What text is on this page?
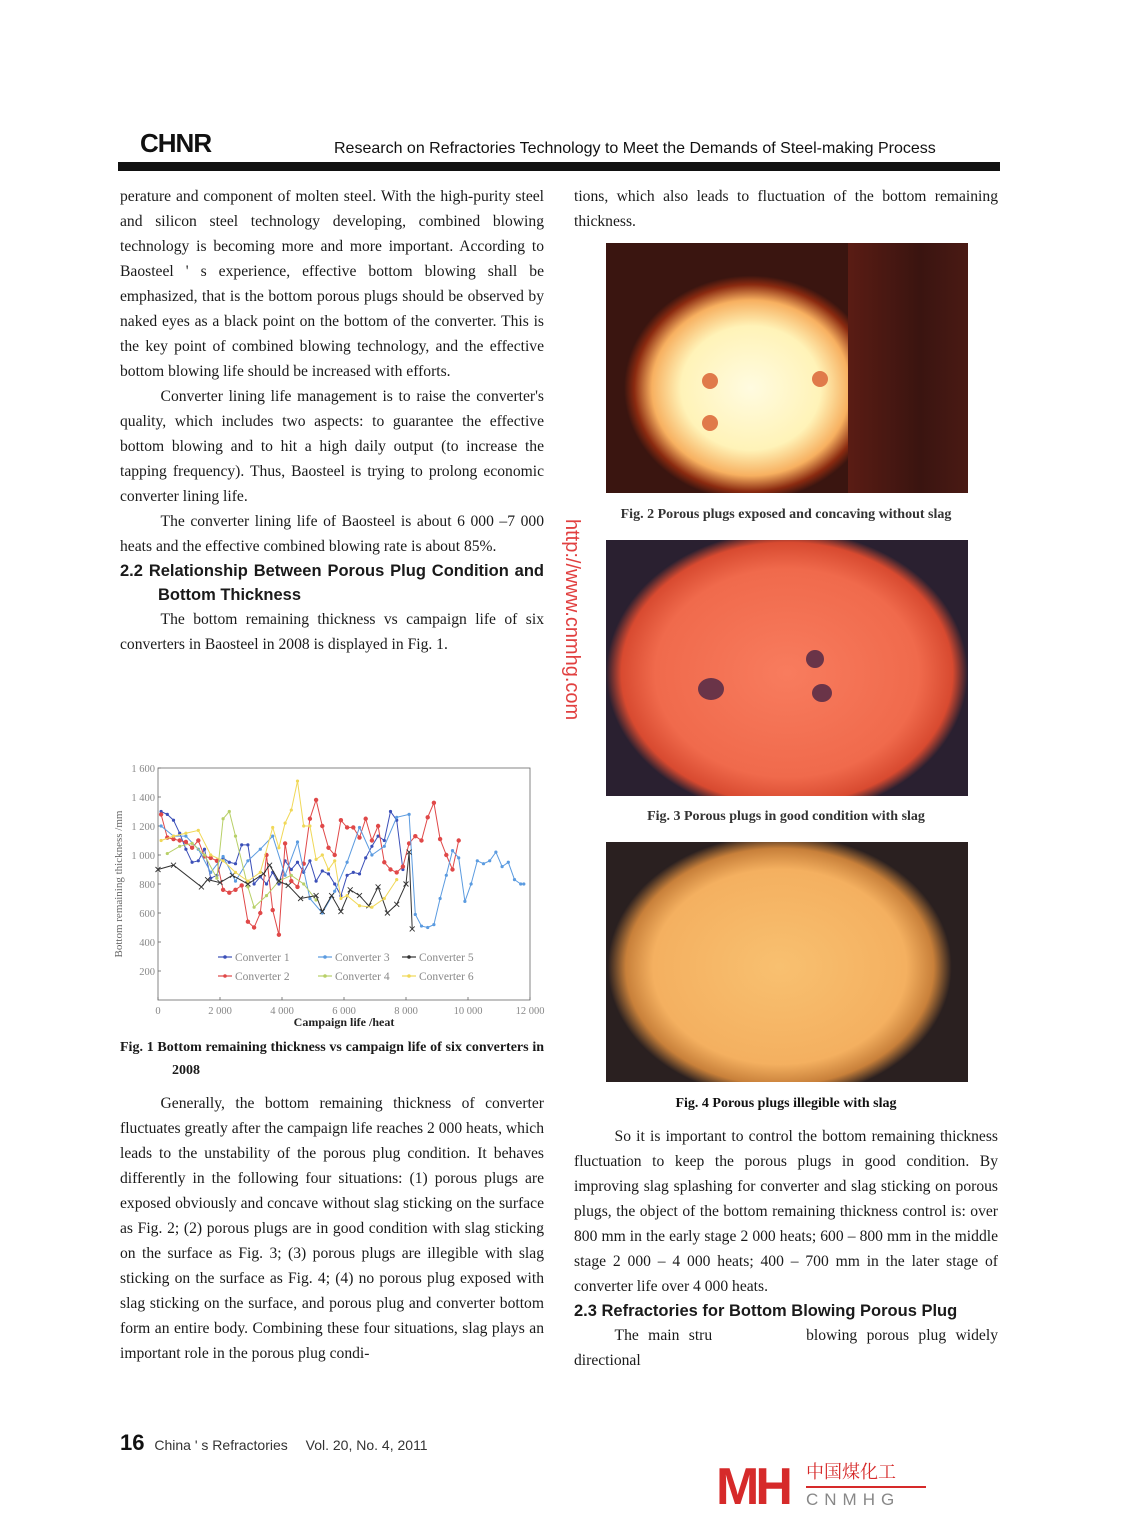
CHNR	Research on Refractories Technology to Meet the Demands of Steel-making Process

perature and component of molten steel. With the high-purity steel and silicon steel technology developing, combined blowing technology is becoming more and more important. According to Baosteel ' s experience, effective bottom blowing shall be emphasized, that is the bottom porous plugs should be observed by naked eyes as a black point on the bottom of the converter. This is the key point of combined blowing technology, and the effective bottom blowing life should be increased with efforts.

Converter lining life management is to raise the converter's quality, which includes two aspects: to guarantee the effective bottom blowing and to hit a high daily output (to increase the tapping frequency). Thus, Baosteel is trying to prolong economic converter lining life.

The converter lining life of Baosteel is about 6 000 –7 000 heats and the effective combined blowing rate is about 85%.

2.2 Relationship Between Porous Plug Condition and Bottom Thickness

The bottom remaining thickness vs campaign life of six converters in Baosteel in 2008 is displayed in Fig. 1.

0	2 000	4 000	6 000	8 000	10 000	12 000
200
400
600
800
1 000
1 200
1 400
1 600
Converter 1	Converter 3	Converter 5
Converter 2	Converter 4	Converter 6
Campaign life /heat
Bottom remaining thickness /mm
Fig. 1 Bottom remaining thickness vs campaign life of six converters in 2008

Generally, the bottom remaining thickness of converter fluctuates greatly after the campaign life reaches 2 000 heats, which leads to the unstability of the porous plug condition. It behaves differently in the following four situations: (1) porous plugs are exposed obviously and concave without slag sticking on the surface as Fig. 2; (2) porous plugs are in good condition with slag sticking on the surface as Fig. 3; (3) porous plugs are illegible with slag sticking on the surface as Fig. 4; (4) no porous plug exposed with slag sticking on the surface, and porous plug and converter bottom form an entire body. Combining these four situations, slag plays an important role in the porous plug condi-

tions, which also leads to fluctuation of the bottom remaining thickness.

Fig. 2 Porous plugs exposed and concaving without slag
Fig. 3 Porous plugs in good condition with slag
Fig. 4 Porous plugs illegible with slag

So it is important to control the bottom remaining thickness fluctuation to keep the porous plugs in good condition. By improving slag splashing for converter and slag sticking on porous plugs, the object of the bottom remaining thickness control is: over 800 mm in the early stage 2 000 heats; 600 – 800 mm in the middle stage 2 000 – 4 000 heats; 400 – 700 mm in the later stage of converter life over 4 000 heats.

2.3 Refractories for Bottom Blowing Porous Plug

The main stru          blowing porous plug widely                    directional

http://www.cnmhg.com
MH 中国煤化工
CNMHG
16 China ' s Refractories Vol. 20, No. 4, 2011
